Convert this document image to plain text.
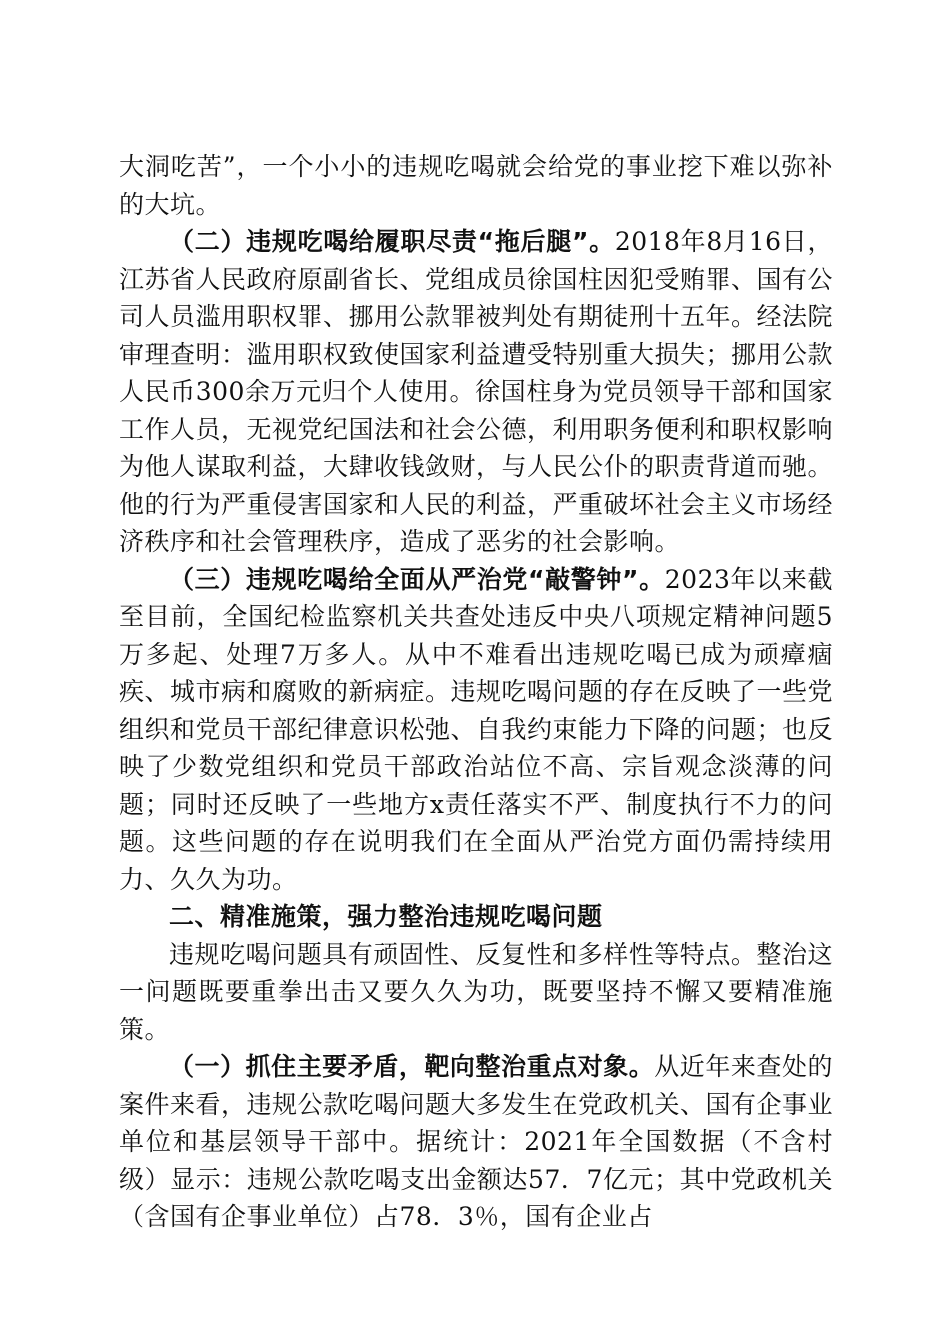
大洞吃苦”，一个小小的违规吃喝就会给党的事业挖下难以弥补的大坑。

（二）违规吃喝给履职尽责“拖后腿”。2018年8月16日，江苏省人民政府原副省长、党组成员徐国柱因犯受贿罪、国有公司人员滥用职权罪、挪用公款罪被判处有期徒刑十五年。经法院审理查明：滥用职权致使国家利益遭受特别重大损失；挪用公款人民币300余万元归个人使用。徐国柱身为党员领导干部和国家工作人员，无视党纪国法和社会公德，利用职务便利和职权影响为他人谋取利益，大肆收钱敛财，与人民公仆的职责背道而驰。他的行为严重侵害国家和人民的利益，严重破坏社会主义市场经济秩序和社会管理秩序，造成了恶劣的社会影响。

（三）违规吃喝给全面从严治党“敲警钟”。2023年以来截至目前，全国纪检监察机关共查处违反中央八项规定精神问题5万多起、处理7万多人。从中不难看出违规吃喝已成为顽瘴痼疾、城市病和腐败的新病症。违规吃喝问题的存在反映了一些党组织和党员干部纪律意识松弛、自我约束能力下降的问题；也反映了少数党组织和党员干部政治站位不高、宗旨观念淡薄的问题；同时还反映了一些地方x责任落实不严、制度执行不力的问题。这些问题的存在说明我们在全面从严治党方面仍需持续用力、久久为功。

二、精准施策，强力整治违规吃喝问题

违规吃喝问题具有顽固性、反复性和多样性等特点。整治这一问题既要重拳出击又要久久为功，既要坚持不懈又要精准施策。

（一）抓住主要矛盾，靶向整治重点对象。从近年来查处的案件来看，违规公款吃喝问题大多发生在党政机关、国有企事业单位和基层领导干部中。据统计：2021年全国数据（不含村级）显示：违规公款吃喝支出金额达57．7亿元；其中党政机关（含国有企事业单位）占78．3％，国有企业占
